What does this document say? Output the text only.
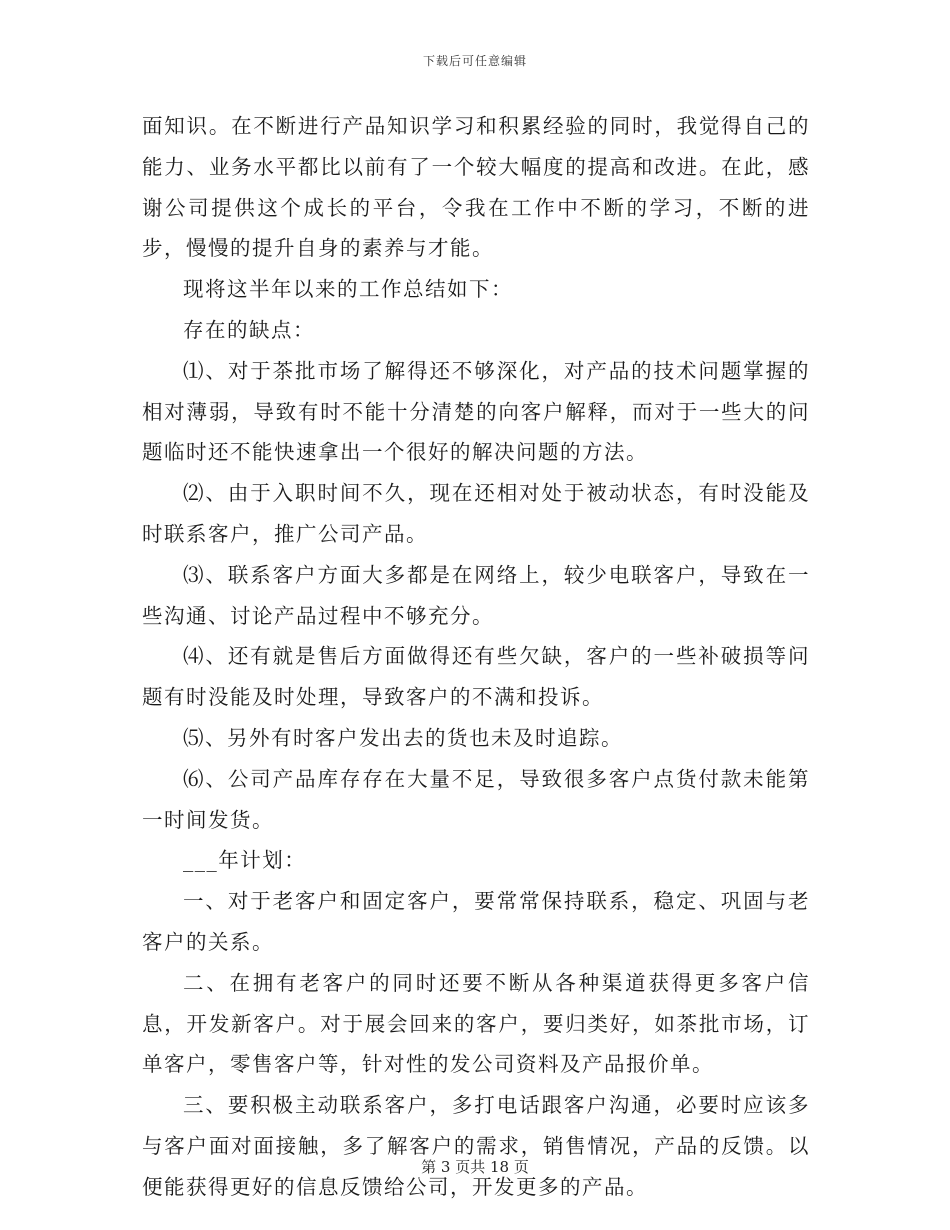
下载后可任意编辑

面知识。在不断进行产品知识学习和积累经验的同时，我觉得自己的能力、业务水平都比以前有了一个较大幅度的提高和改进。在此，感谢公司提供这个成长的平台，令我在工作中不断的学习，不断的进步，慢慢的提升自身的素养与才能。

现将这半年以来的工作总结如下：

存在的缺点：

⑴、对于茶批市场了解得还不够深化，对产品的技术问题掌握的相对薄弱，导致有时不能十分清楚的向客户解释，而对于一些大的问题临时还不能快速拿出一个很好的解决问题的方法。

⑵、由于入职时间不久，现在还相对处于被动状态，有时没能及时联系客户，推广公司产品。

⑶、联系客户方面大多都是在网络上，较少电联客户，导致在一些沟通、讨论产品过程中不够充分。

⑷、还有就是售后方面做得还有些欠缺，客户的一些补破损等问题有时没能及时处理，导致客户的不满和投诉。

⑸、另外有时客户发出去的货也未及时追踪。

⑹、公司产品库存存在大量不足，导致很多客户点货付款未能第一时间发货。

___年计划：

一、对于老客户和固定客户，要常常保持联系，稳定、巩固与老客户的关系。

二、在拥有老客户的同时还要不断从各种渠道获得更多客户信息，开发新客户。对于展会回来的客户，要归类好，如茶批市场，订单客户，零售客户等，针对性的发公司资料及产品报价单。

三、要积极主动联系客户，多打电话跟客户沟通，必要时应该多与客户面对面接触，多了解客户的需求，销售情况，产品的反馈。以便能获得更好的信息反馈给公司，开发更多的产品。

第 3 页共 18 页
